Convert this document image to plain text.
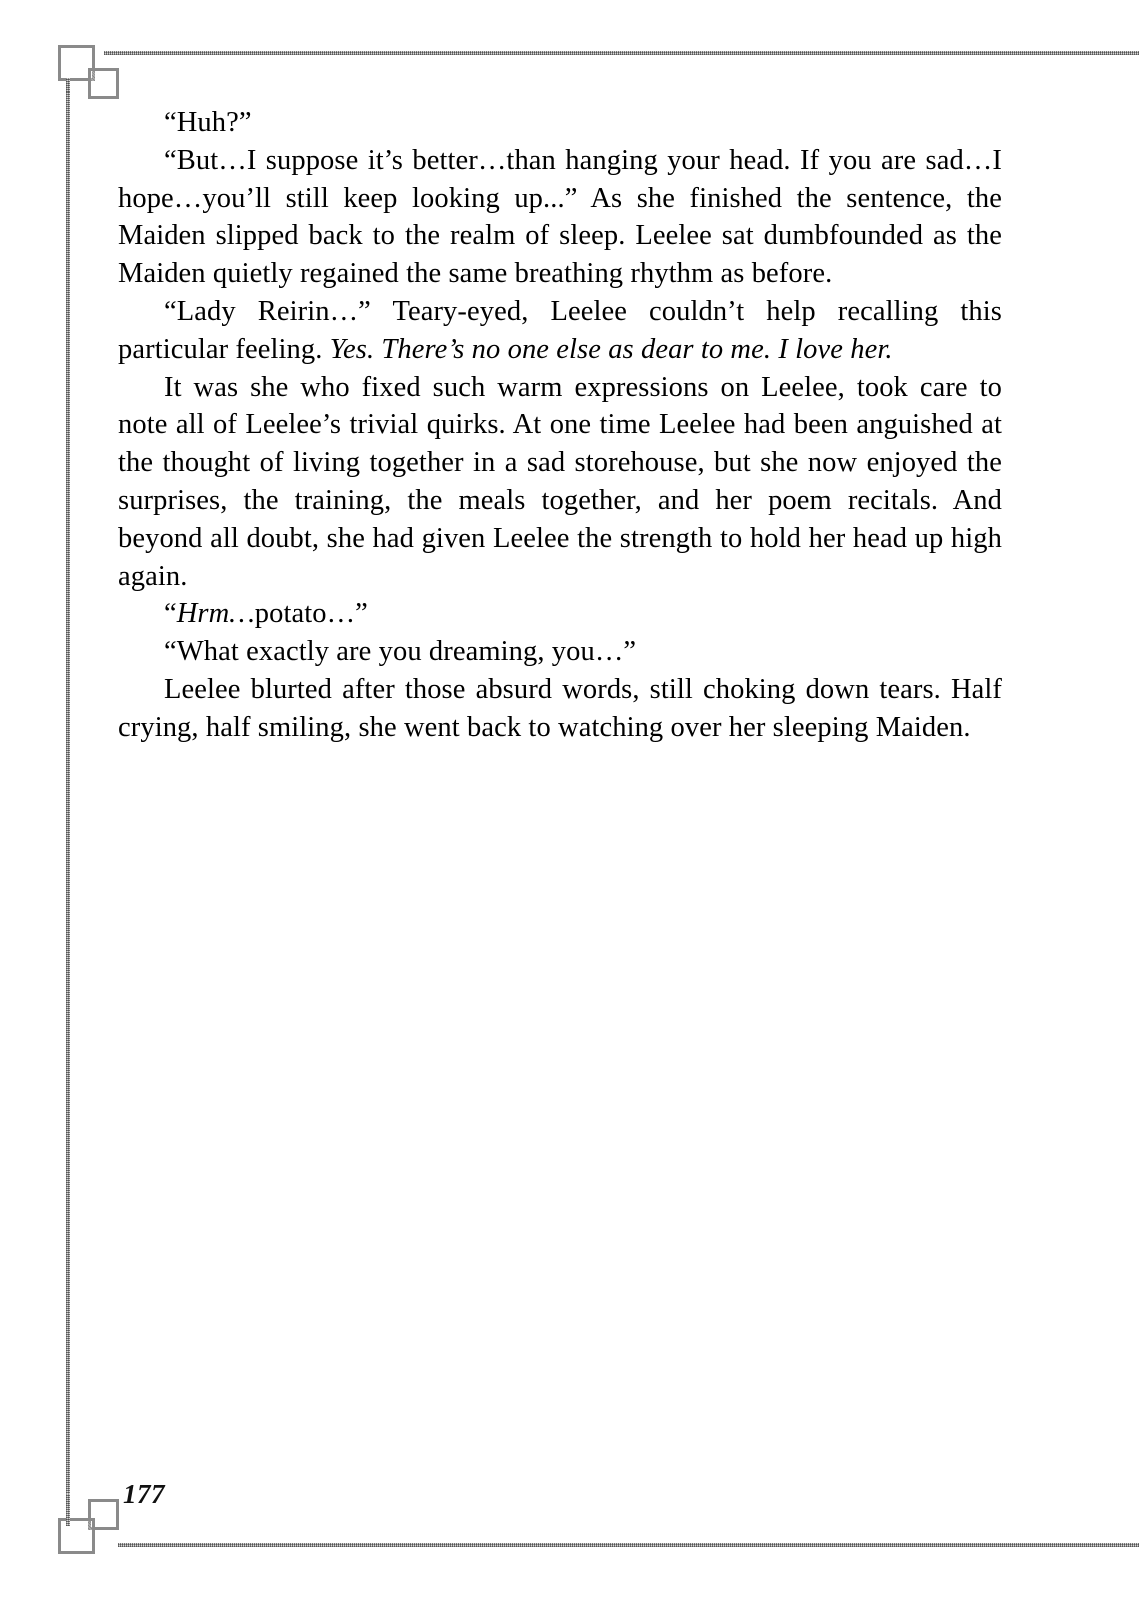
“Huh?”

“But…I suppose it’s better…than hanging your head. If you are sad…I hope…you’ll still keep looking up...” As she finished the sentence, the Maiden slipped back to the realm of sleep. Leelee sat dumbfounded as the Maiden quietly regained the same breathing rhythm as before.

“Lady Reirin…” Teary-eyed, Leelee couldn’t help recalling this particular feeling. Yes. There’s no one else as dear to me. I love her.

It was she who fixed such warm expressions on Leelee, took care to note all of Leelee’s trivial quirks. At one time Leelee had been anguished at the thought of living together in a sad storehouse, but she now enjoyed the surprises, the training, the meals together, and her poem recitals. And beyond all doubt, she had given Leelee the strength to hold her head up high again.

“Hrm…potato…”

“What exactly are you dreaming, you…”

Leelee blurted after those absurd words, still choking down tears. Half crying, half smiling, she went back to watching over her sleeping Maiden.

177
